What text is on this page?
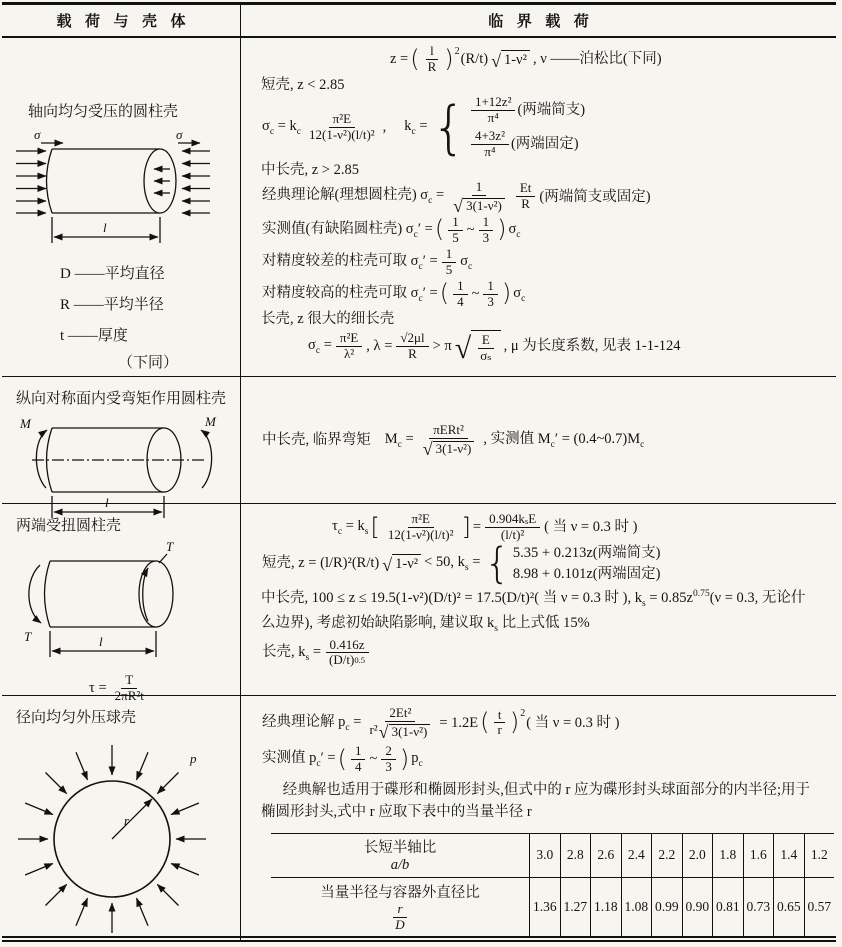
载荷与壳体	临界载荷
轴向均匀受压的圆柱壳
σ	σ
l
D ——平均直径
R ——平均半径
t ——厚度
（下同）
z = ( $\frac{l}{R}$ ) $^2$ (R/t) √ 1-ν² , ν ——泊松比(下同)
短壳, z < 2.85
$\sigma_c = k_c \frac{\text{π²E}}{\text{12(1-ν²)(l/t)²}}$ , $k_c$ =
{
$\frac{\text{1+12z²}}{\text{π⁴}}$ (两端简支)
$\frac{\text{4+3z²}}{\text{π⁴}}$ (两端固定)
中长壳, z > 2.85
经典理论解(理想圆柱壳) $\sigma_c = 1$
√
$3(1-\nu^2) \frac{Et}{R}$ (两端简支或固定)
实测值(有缺陷圆柱壳) $\sigma_c'$ = ( $\frac{1}{5}$ ~ $\frac{1}{3}$ ) $\sigma_c$
对精度较差的柱壳可取 $\sigma_c' = \frac{1}{5} \sigma_c$
对精度较高的柱壳可取 $\sigma_c'$ = ( $\frac{1}{4}$ ~ $\frac{1}{3}$ ) $\sigma_c$
长壳, z 很大的细长壳
$\sigma_c = \frac{\text{π²E}}{\text{λ²}}$ , $\lambda = \frac{√2\mu l}{R} > \pi$ √ $\frac{E}{\text{σₛ}}$ , μ 为长度系数, 见表 1-1-124
纵向对称面内受弯矩作用圆柱壳
M	M
l
中长壳, 临界弯矩 $M_c = \pi ERt^2$
√
3(1-ν²) , 实测值 $M_c'$ = $(0.4\sim 0.7)M_c$
两端受扭圆柱壳
T
T
l
$\tau = \frac{T}{\text{2πR²t}}$
$\tau_c = k_s$ [ $\frac{\text{π²E}}{\text{12(1-ν²)(l/t)²}}$ ] = $\frac{\text{0.904k s E}}{\text{(l/t)²}}$ ( 当 ν = 0.3 时 )
短壳, z = (l/R)²(R/t) √ 1-ν² < 50, $k_s$ =
{
5.35 + 0.213z(两端简支)
8.98 + 0.101z(两端固定)
中长壳, 100 ≤ z ≤ 19.5(1-ν²)(D/t)² = 17.5(D/t)²( 当 ν = 0.3 时 ), $k_s = 0.85z^{0.75}(\nu = 0.3$, 无论什么边界), 考虑初始缺陷影响, 建议取 $k_s$ 比上式低 15%
长壳, $k_s = \frac{0.416z}{(D/t) 0.5}$
径向均匀外压球壳
r
p
经典理论解 $p_c = \frac{\text{2Et²}}{\text{r² √ 3(1-ν²)}} = 1.2E$ ( $\frac{t}{r}$ ) $^2$
( 当 ν = 0.3 时 )
实测值 $p_c'$ = ( $\frac{1}{4}$ ~ $\frac{2}{3}$ ) $p_c$
经典解也适用于碟形和椭圆形封头,但式中的 r 应为碟形封头球面部分的内半径;用于椭圆形封头,式中 r 应取下表中的当量半径 r
长短半轴比
a/b
3.0	2.8	2.6	2.4	2.2	2.0	1.8	1.6	1.4	1.2
当量半径与容器外直径比
$\frac{r}{D}$	1.36 1.27 1.18 1.08 0.99 0.90 0.81 0.73 0.65 0.57
